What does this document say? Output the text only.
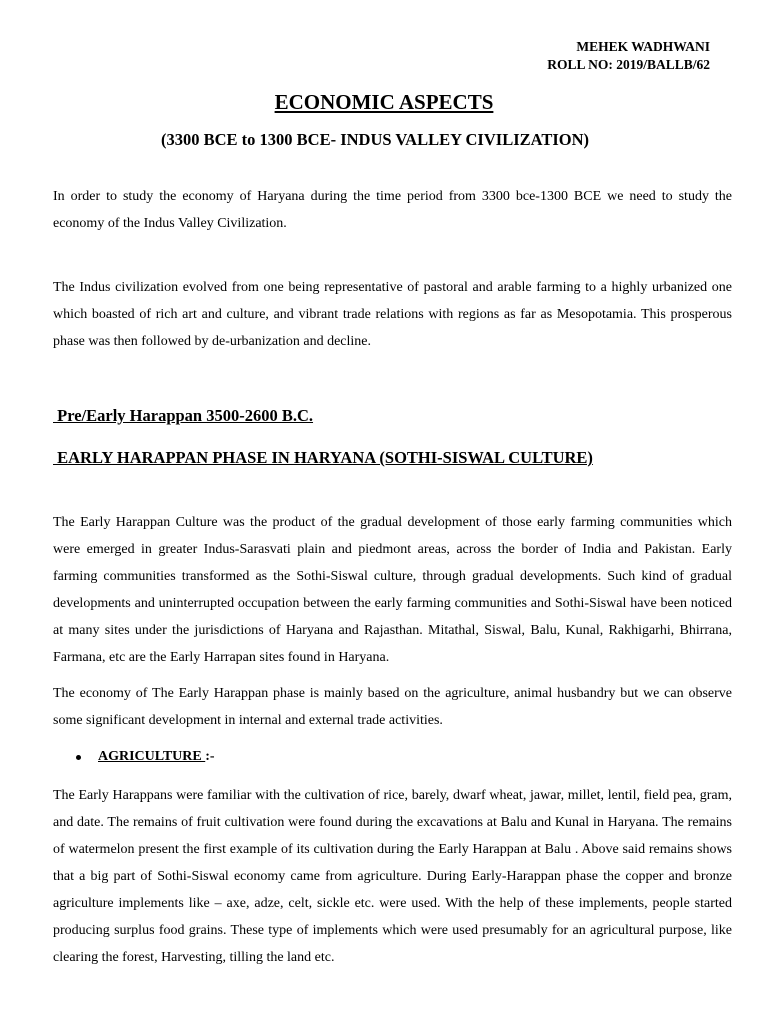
MEHEK WADHWANI
ROLL NO: 2019/BALLB/62
ECONOMIC ASPECTS
(3300 BCE to 1300 BCE- INDUS VALLEY CIVILIZATION)

In order to study the economy of Haryana during the time period from 3300 bce-1300 BCE we need to study the economy of the Indus Valley Civilization.

The Indus civilization evolved from one being representative of pastoral and arable farming to a highly urbanized one which boasted of rich art and culture, and vibrant trade relations with regions as far as Mesopotamia. This prosperous phase was then followed by de-urbanization and decline.

Pre/Early Harappan 3500-2600 B.C.
EARLY HARAPPAN PHASE IN HARYANA (SOTHI-SISWAL CULTURE)

The Early Harappan Culture was the product of the gradual development of those early farming communities which were emerged in greater Indus-Sarasvati plain and piedmont areas, across the border of India and Pakistan. Early farming communities transformed as the Sothi-Siswal culture, through gradual developments. Such kind of gradual developments and uninterrupted occupation between the early farming communities and Sothi-Siswal have been noticed at many sites under the jurisdictions of Haryana and Rajasthan. Mitathal, Siswal, Balu, Kunal, Rakhigarhi, Bhirrana, Farmana, etc are the Early Harrapan sites found in Haryana.

The economy of The Early Harappan phase is mainly based on the agriculture, animal husbandry but we can observe some significant development in internal and external trade activities.

AGRICULTURE :-

The Early Harappans were familiar with the cultivation of rice, barely, dwarf wheat, jawar, millet, lentil, field pea, gram, and date. The remains of fruit cultivation were found during the excavations at Balu and Kunal in Haryana. The remains of watermelon present the first example of its cultivation during the Early Harappan at Balu . Above said remains shows that a big part of Sothi-Siswal economy came from agriculture. During Early-Harappan phase the copper and bronze agriculture implements like – axe, adze, celt, sickle etc. were used. With the help of these implements, people started producing surplus food grains. These type of implements which were used presumably for an agricultural purpose, like clearing the forest, Harvesting, tilling the land etc.
